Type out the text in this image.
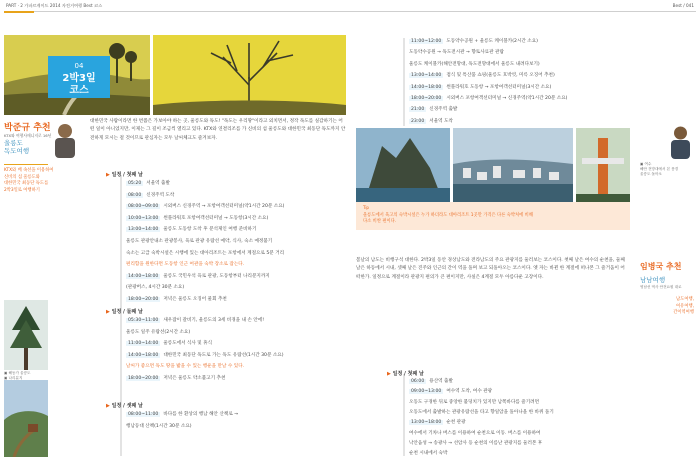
PART · 2 가파르게이드 2014 자전거여행 Best 코스	Best / 041
04
2박3일
코스
박준규 추천
KTX와 여행사매니저로 16년
울릉도
독도여행
KTX와 배 속선을 이용하여
신비의 섬 울릉도와
대한민국 최동단 독도를
2박3일로 여행하기
대한민국 사람이라면 한 번쯤은 가보아야 하는 곳, 울릉도와 독도! "독도는 우리땅"이라고 외치면서, 정작 독도를 실감하기는 어떤 일이 아니었지만, 이제는 그 길이 조금씩 열리고 있다. KTX와 연결리조를 가 신비의 섬 울릉도와 대한민국 최동단 독도까지 안전하게 모시는 걸 것이므로 관심자는 모두 날씨체크도 즐겨보자.
▣ 해동가 울릉도
▣ 나리분지
▶ 일정 / 첫째 날
05:20 서울역 출발
08:00 신경주역 도착
08:00~09:00 시외버스 신경주역 → 포항여객선터미널(약1시간 20분 소요)
10:00~13:00 썬플라워호 포항여객선터미널 → 도동항(3시간 소요)
13:00~14:00 울릉도 도동항 도착 후 분석제인 여행 준비하기
울릉도 관광안내소 관광봉사, 육로 관광 유람선 예약, 식사, 숙소 예정불기
숙소는 고급 숙박시설은 시행에 있는 대아리조트는 포항에서 계절으로 5분 거리
편리함을 원한다면 도동항 인근 여관을 숙박 장소로 잡는다.
14:00~18:00 울릉도 국민우석 육로 관광, 도동항부터 나리분지까지
(관광버스, 4시간 30분 소요)
18:00~20:00 저녁은 울릉도 오징어 물회 추천
▶ 일정 / 둘째 날
05:30~11:00 새우잡이 갈비기, 울릉도의 3세 비경을 내 손 안에!
울릉도 일주 유람선(2시간 소요)
11:00~14:00 울릉도에서 식사 및 휴식
14:00~18:00 대한민국 최동단 독도로 가는 독도 유람선(1시간 30분 소요)
날씨가 좋으면 독도 땅을 밟을 수 있는 행운을 만날 수 있다.
18:00~20:00 저녁은 울릉도 약소불고기 추천
▶ 일정 / 셋째 날
08:00~11:00 바다를 한 환상의 행남 해안 산책로 →
행남등대 산책(1시간 30분 소요)
11:00~12:00 도동약수공원 + 울릉도 케이블카(2시간 소요)
도동약수공원 → 독도전시관 → 향토사료관 관람
울릉도 케이블카(해안전망대, 독도전망대에서 울릉도 내려다보기)
13:00~14:00 점식 및 특산품 쇼핑(울릉도 호박엿, 미륵 오징어 추천)
14:00~18:00 썬플라워호 도동항 → 포항여객선터미널(3시간 소요)
18:00~20:00 시외버스 포항여객선터미널 → 신경주역(약1시간 20분 소요)
21:00 신경주역 출발
23:00 서울역 도착
▣ 여수
해안 전망대에서 본 풍경
울릉도 돌아오
Tip
울릉도에서 육고의 숙박시설은 누가 하더라도 대아리조트 1곳만 가격은 다른 숙박처에 비해
다소 비싼 편이다.
봄날의 남도는 비행구석 대한다. 2박3일 동안 경상남도와 전라남도의 주요 관광지를 둘러보는 코스이다. 첫째 날은 여수의 순천을, 둘째 날은 하동에서 시내, 셋째 날은 진주와 인근의 간이 역을 돌며 보고 되돌아오는 코스이다. 옛 자는 바뀐 한 계절에 떠나본 그 즐거움이 어떠한가. 일정으로 계절이라 관광지 편의가 큰 편이지만, 사실은 4계절 모두 아름다운 고장이다.
임병국 추천
남남여행
영남선 역사 안전요원 대로
남도여행,
여유여행,
간이역여행
▶ 일정 / 첫째 날
06:00 용산역 출발
09:00~13:00 여수역 도착, 여수 관광
오동도 구경한 뒤로 중앙한 불덩치가 있지만 남쪽바다를 즐기려면
오동도에서 출발하는 관광유람선을 타고 향일암을 돌아나올 한 바퀴 돌기
13:00~18:00 순천 관광
여수에서 기차나 버스를 이용하여 순천으로 이동. 버스를 이용하여
낙안읍성 → 송광사 → 선암사 등 순천의 이름난 관광지를 둘러본 후
순천 시내에서 숙박
